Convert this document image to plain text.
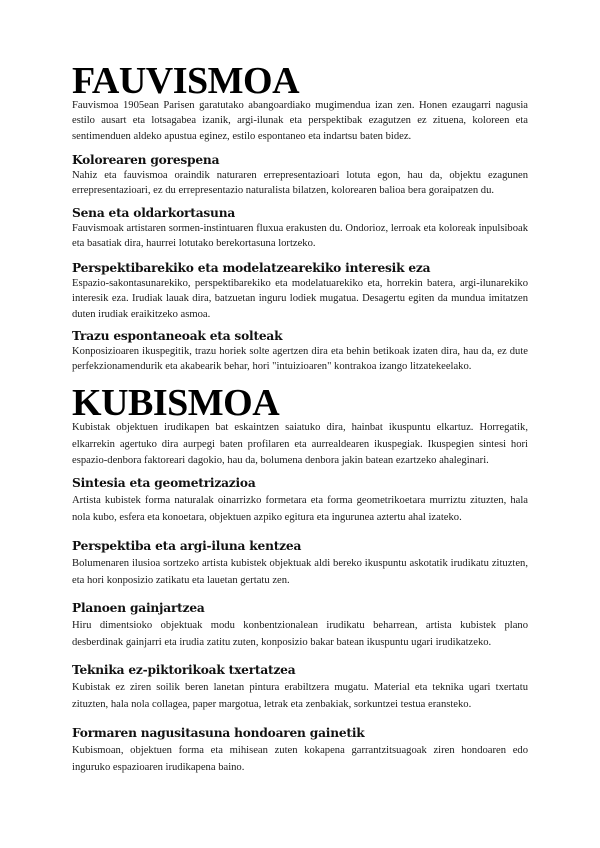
FAUVISMOA

Fauvismoa 1905ean Parisen garatutako abangoardiako mugimendua izan zen. Honen ezaugarri nagusia estilo ausart eta lotsagabea izanik, argi-ilunak eta perspektibak ezagutzen ez zituena, koloreen eta sentimenduen aldeko apustua eginez, estilo espontaneo eta indartsu baten bidez.

Kolorearen gorespena

Nahiz eta fauvismoa oraindik naturaren errepresentazioari lotuta egon, hau da, objektu ezagunen errepresentazioari, ez du errepresentazio naturalista bilatzen, kolorearen balioa bera goraipatzen du.

Sena eta oldarkortasuna

Fauvismoak artistaren sormen-instintuaren fluxua erakusten du. Ondorioz, lerroak eta koloreak inpulsiboak eta basatiak dira, haurrei lotutako berekortasuna lortzeko.

Perspektibarekiko eta modelatzearekiko interesik eza

Espazio-sakontasunarekiko, perspektibarekiko eta modelatuarekiko eta, horrekin batera, argi-ilunarekiko interesik eza. Irudiak lauak dira, batzuetan inguru lodiek mugatua. Desagertu egiten da mundua imitatzen duten irudiak eraikitzeko asmoa.

Trazu espontaneoak eta solteak

Konposizioaren ikuspegitik, trazu horiek solte agertzen dira eta behin betikoak izaten dira, hau da, ez dute perfekzionamendurik eta akabearik behar, hori "intuizioaren" kontrakoa izango litzatekeelako.

KUBISMOA

Kubistak objektuen irudikapen bat eskaintzen saiatuko dira, hainbat ikuspuntu elkartuz. Horregatik, elkarrekin agertuko dira aurpegi baten profilaren eta aurrealdearen ikuspegiak. Ikuspegien sintesi hori espazio-denbora faktoreari dagokio, hau da, bolumena denbora jakin batean ezartzeko ahaleginari.

Sintesia eta geometrizazioa

Artista kubistek forma naturalak oinarrizko formetara eta forma geometrikoetara murriztu zituzten, hala nola kubo, esfera eta konoetara, objektuen azpiko egitura eta ingurunea aztertu ahal izateko.

Perspektiba eta argi-iluna kentzea

Bolumenaren ilusioa sortzeko artista kubistek objektuak aldi bereko ikuspuntu askotatik irudikatu zituzten, eta hori konposizio zatikatu eta lauetan gertatu zen.

Planoen gainjartzea

Hiru dimentsioko objektuak modu konbentzionalean irudikatu beharrean, artista kubistek plano desberdinak gainjarri eta irudia zatitu zuten, konposizio bakar batean ikuspuntu ugari irudikatzeko.

Teknika ez-piktorikoak txertatzea

Kubistak ez ziren soilik beren lanetan pintura erabiltzera mugatu. Material eta teknika ugari txertatu zituzten, hala nola collagea, paper margotua, letrak eta zenbakiak, sorkuntzei testua eransteko.

Formaren nagusitasuna hondoaren gainetik

Kubismoan, objektuen forma eta mihisean zuten kokapena garrantzitsuagoak ziren hondoaren edo inguruko espazioaren irudikapena baino.
